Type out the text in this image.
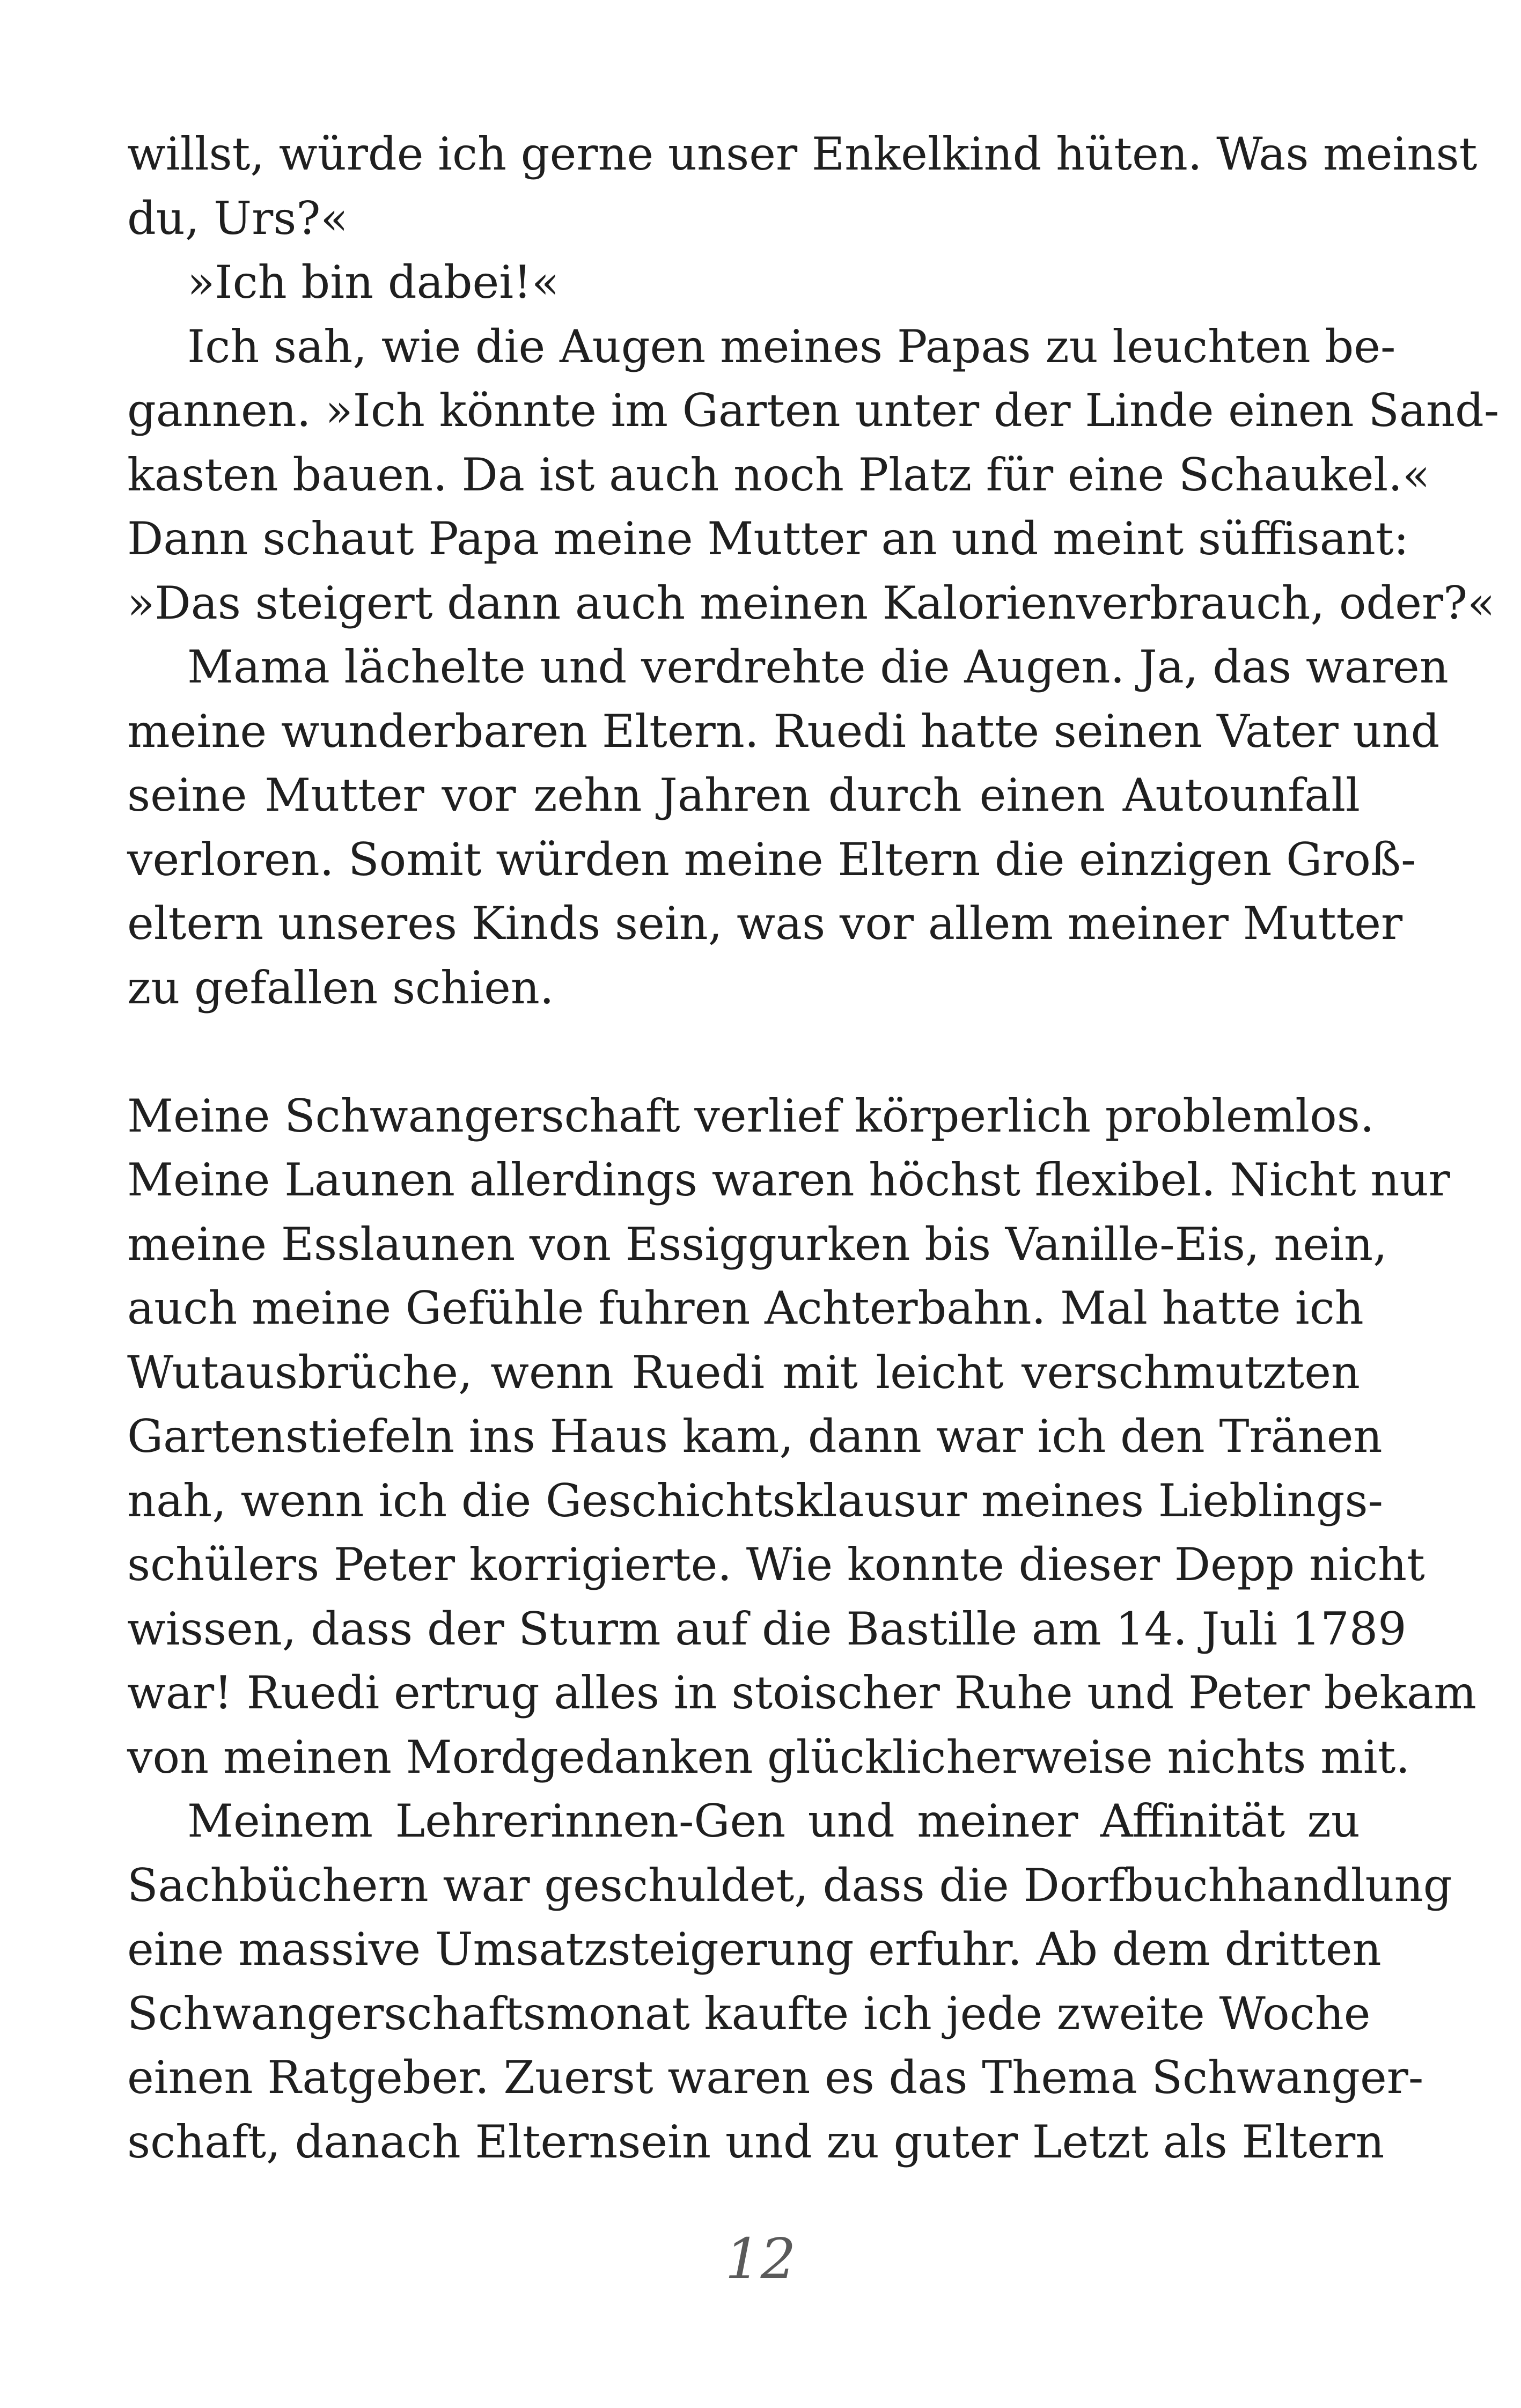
willst, würde ich gerne unser Enkelkind hüten. Was meinst
du, Urs?«
»Ich bin dabei!«
Ich sah, wie die Augen meines Papas zu leuchten be-
gannen. »Ich könnte im Garten unter der Linde einen Sand-
kasten bauen. Da ist auch noch Platz für eine Schaukel.«
Dann schaut Papa meine Mutter an und meint süffisant:
»Das steigert dann auch meinen Kalorienverbrauch, oder?«
Mama lächelte und verdrehte die Augen. Ja, das waren
meine wunderbaren Eltern. Ruedi hatte seinen Vater und
seine Mutter vor zehn Jahren durch einen Autounfall
verloren. Somit würden meine Eltern die einzigen Groß-
eltern unseres Kinds sein, was vor allem meiner Mutter
zu gefallen schien.
Meine Schwangerschaft verlief körperlich problemlos.
Meine Launen allerdings waren höchst flexibel. Nicht nur
meine Esslaunen von Essiggurken bis Vanille-Eis, nein,
auch meine Gefühle fuhren Achterbahn. Mal hatte ich
Wutausbrüche, wenn Ruedi mit leicht verschmutzten
Gartenstiefeln ins Haus kam, dann war ich den Tränen
nah, wenn ich die Geschichtsklausur meines Lieblings-
schülers Peter korrigierte. Wie konnte dieser Depp nicht
wissen, dass der Sturm auf die Bastille am 14. Juli 1789
war! Ruedi ertrug alles in stoischer Ruhe und Peter bekam
von meinen Mordgedanken glücklicherweise nichts mit.
Meinem Lehrerinnen-Gen und meiner Affinität zu
Sachbüchern war geschuldet, dass die Dorfbuchhandlung
eine massive Umsatzsteigerung erfuhr. Ab dem dritten
Schwangerschaftsmonat kaufte ich jede zweite Woche
einen Ratgeber. Zuerst waren es das Thema Schwanger-
schaft, danach Elternsein und zu guter Letzt als Eltern
12
